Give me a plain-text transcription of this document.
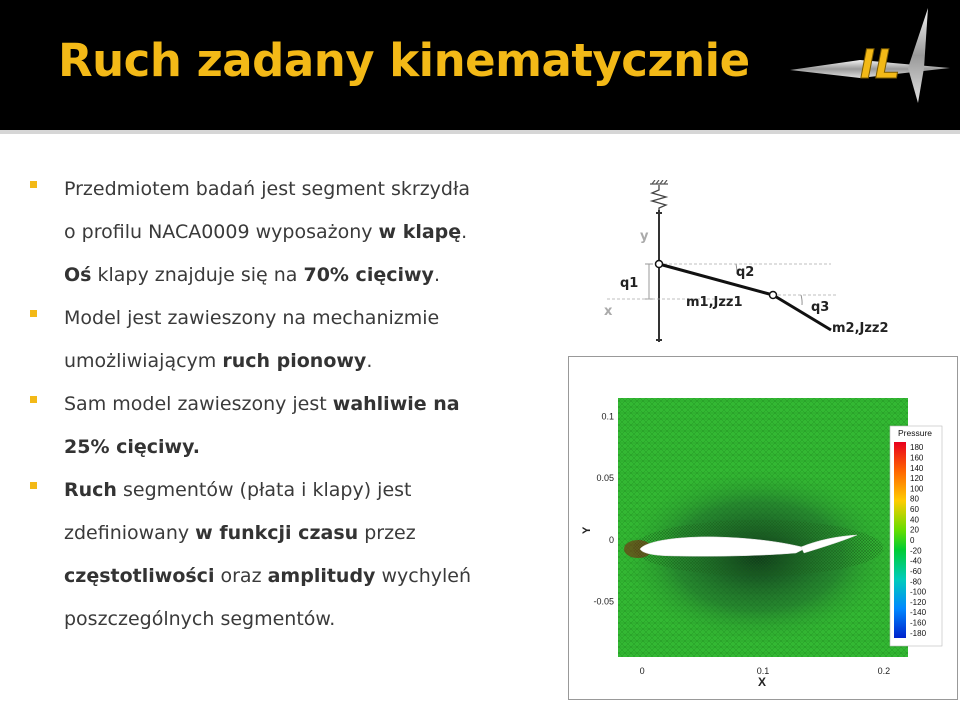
Ruch zadany kinematycznie	IL
Przedmiotem badań jest segment skrzydła
o profilu NACA0009 wyposażony w klapę.
Oś klapy znajduje się na 70% cięciwy.
Model jest zawieszony na mechanizmie
umożliwiającym ruch pionowy.
Sam model zawieszony jest wahliwie na
25% cięciwy.
Ruch segmentów (płata i klapy) jest
zdefiniowany w funkcji czasu przez
częstotliwości oraz amplitudy wychyleń
poszczególnych segmentów.
y
x
q1
q2
q3
m1,Jzz1
m2,Jzz2
0.1
0.05
0
-0.05
0	0.1	0.2
Y
X
Pressure
180
160
140
120
100
80
60
40
20
0
-20
-40
-60
-80
-100
-120
-140
-160
-180
